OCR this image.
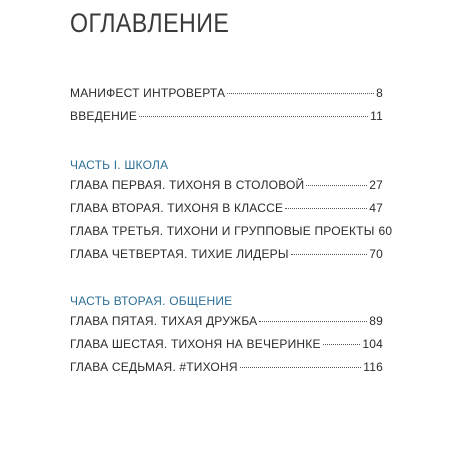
ОГЛАВЛЕНИЕ
МАНИФЕСТ ИНТРОВЕРТА	8
ВВЕДЕНИЕ	11
ЧАСТЬ I. ШКОЛА
ГЛАВА ПЕРВАЯ. ТИХОНЯ В СТОЛОВОЙ	27
ГЛАВА ВТОРАЯ. ТИХОНЯ В КЛАССЕ	47
ГЛАВА ТРЕТЬЯ. ТИХОНИ И ГРУППОВЫЕ ПРОЕКТЫ 60
ГЛАВА ЧЕТВЕРТАЯ. ТИХИЕ ЛИДЕРЫ	70
ЧАСТЬ ВТОРАЯ. ОБЩЕНИЕ
ГЛАВА ПЯТАЯ. ТИХАЯ ДРУЖБА	89
ГЛАВА ШЕСТАЯ. ТИХОНЯ НА ВЕЧЕРИНКЕ	104
ГЛАВА СЕДЬМАЯ. #ТИХОНЯ	116
